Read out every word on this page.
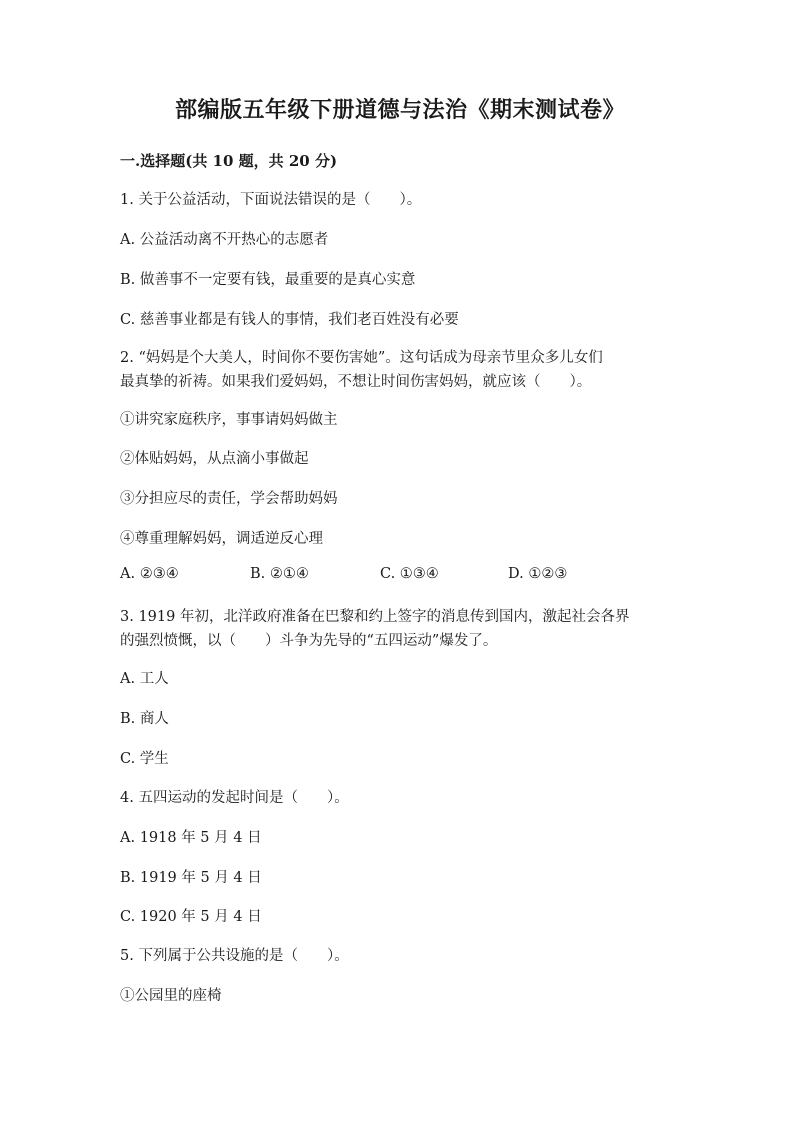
部编版五年级下册道德与法治《期末测试卷》
一.选择题(共 10 题，共 20 分)
1. 关于公益活动，下面说法错误的是（　　）。
A. 公益活动离不开热心的志愿者
B. 做善事不一定要有钱，最重要的是真心实意
C. 慈善事业都是有钱人的事情，我们老百姓没有必要
2. “妈妈是个大美人，时间你不要伤害她”。这句话成为母亲节里众多儿女们
最真挚的祈祷。如果我们爱妈妈，不想让时间伤害妈妈，就应该（　　）。
①讲究家庭秩序，事事请妈妈做主
②体贴妈妈，从点滴小事做起
③分担应尽的责任，学会帮助妈妈
④尊重理解妈妈，调适逆反心理
A. ②③④	B. ②①④	C. ①③④	D. ①②③
3. 1919 年初，北洋政府准备在巴黎和约上签字的消息传到国内，激起社会各界
的强烈愤慨，以（　　）斗争为先导的“五四运动”爆发了。
A. 工人
B. 商人
C. 学生
4. 五四运动的发起时间是（　　）。
A. 1918 年 5 月 4 日
B. 1919 年 5 月 4 日
C. 1920 年 5 月 4 日
5. 下列属于公共设施的是（　　）。
①公园里的座椅
